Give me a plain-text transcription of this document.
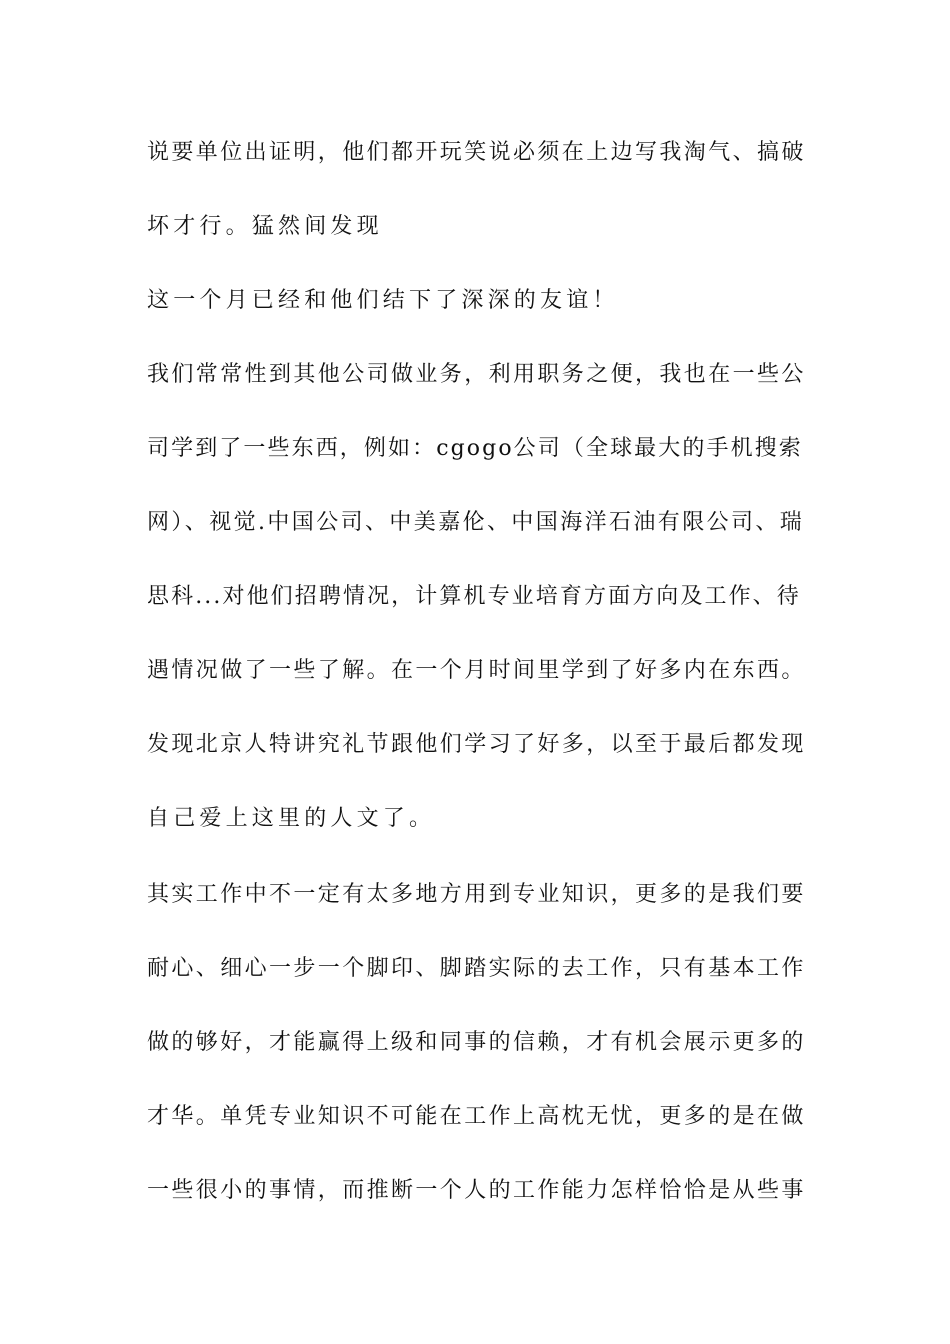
说要单位出证明，他们都开玩笑说必须在上边写我淘气、搞破
坏才行。猛然间发现
这一个月已经和他们结下了深深的友谊！
我们常常性到其他公司做业务，利用职务之便，我也在一些公
司学到了一些东西，例如：cgogo公司（全球最大的手机搜索
网）、视觉.中国公司、中美嘉伦、中国海洋石油有限公司、瑞
思科...对他们招聘情况，计算机专业培育方面方向及工作、待
遇情况做了一些了解。在一个月时间里学到了好多内在东西。
发现北京人特讲究礼节跟他们学习了好多，以至于最后都发现
自己爱上这里的人文了。
其实工作中不一定有太多地方用到专业知识，更多的是我们要
耐心、细心一步一个脚印、脚踏实际的去工作，只有基本工作
做的够好，才能赢得上级和同事的信赖，才有机会展示更多的
才华。单凭专业知识不可能在工作上高枕无忧，更多的是在做
一些很小的事情，而推断一个人的工作能力怎样恰恰是从些事
